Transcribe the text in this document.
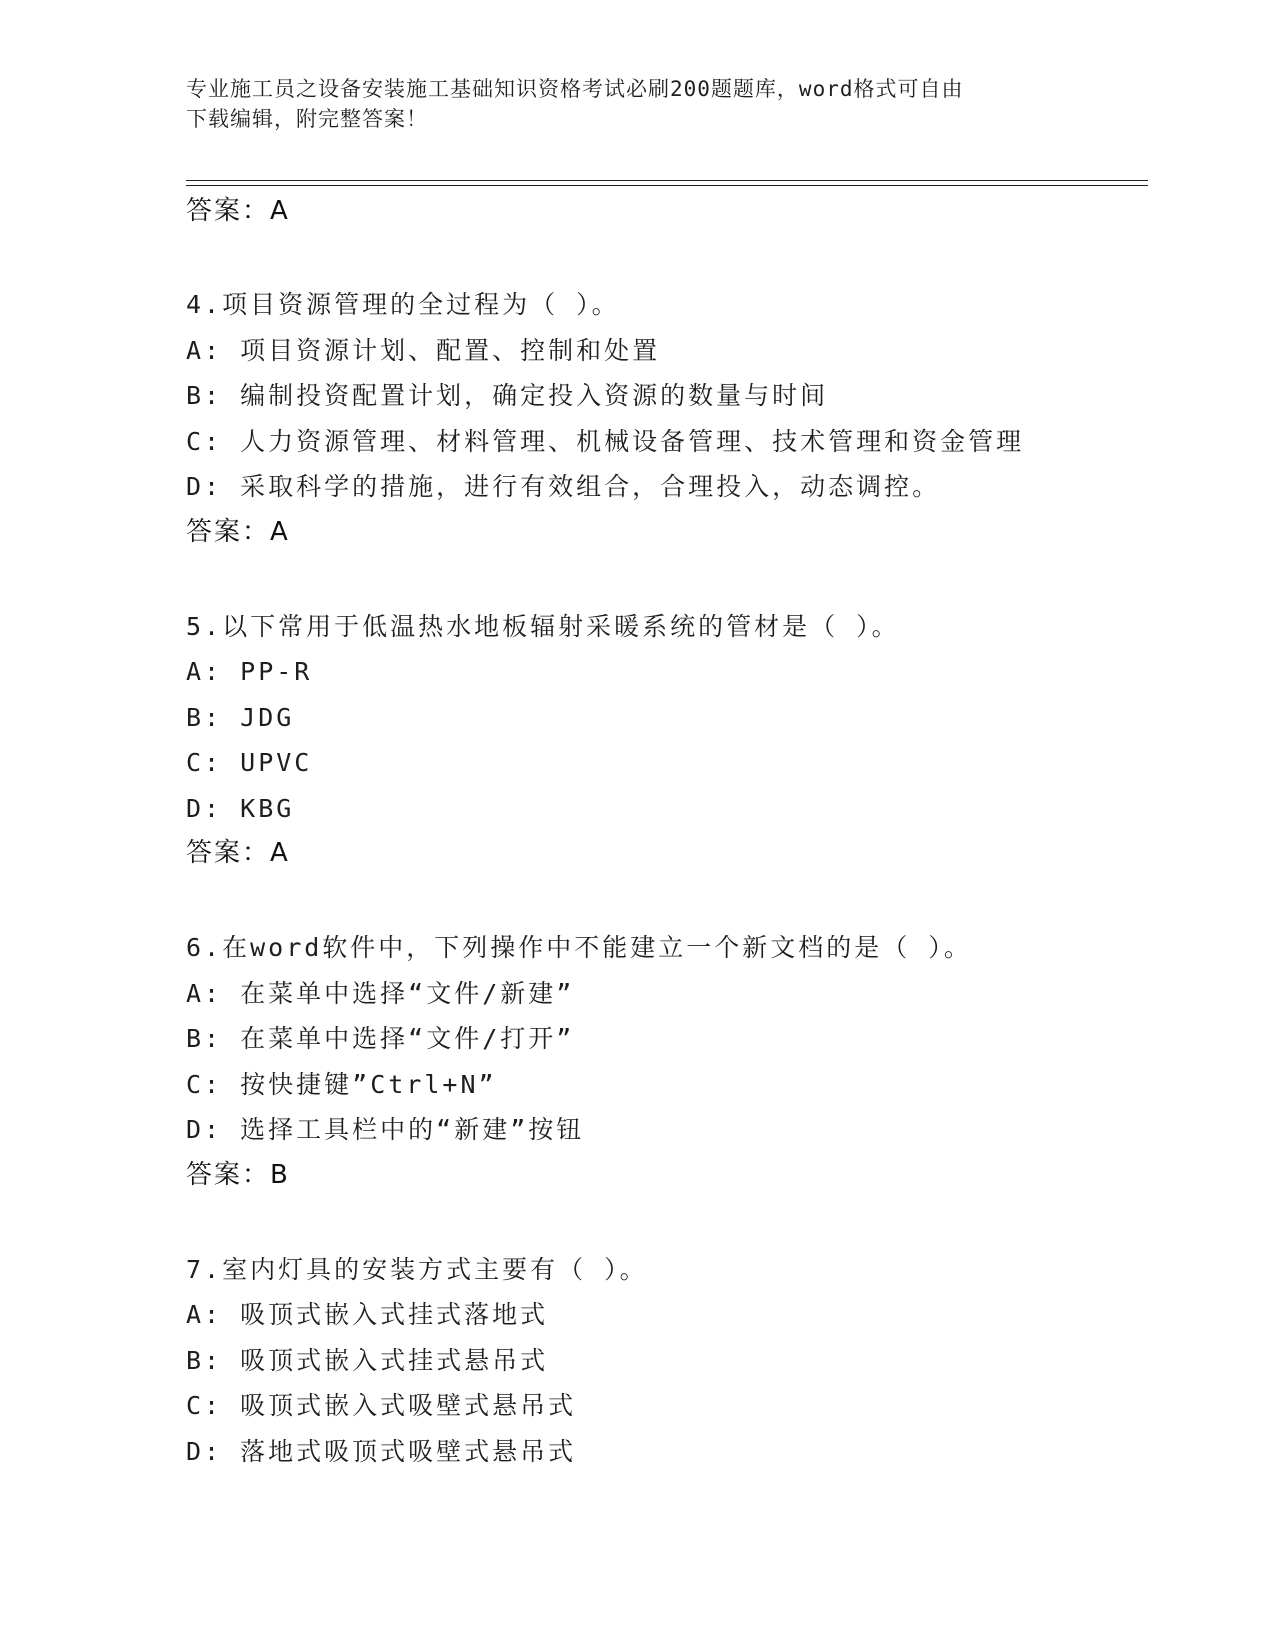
专业施工员之设备安装施工基础知识资格考试必刷200题题库，word格式可自由
下载编辑，附完整答案！
答案：A
4.项目资源管理的全过程为（ ）。
A: 项目资源计划、配置、控制和处置
B: 编制投资配置计划，确定投入资源的数量与时间
C: 人力资源管理、材料管理、机械设备管理、技术管理和资金管理
D: 采取科学的措施，进行有效组合，合理投入，动态调控。
答案：A
5.以下常用于低温热水地板辐射采暖系统的管材是（ ）。
A: PP-R
B: JDG
C: UPVC
D: KBG
答案：A
6.在word软件中，下列操作中不能建立一个新文档的是（ ）。
A: 在菜单中选择“文件/新建”
B: 在菜单中选择“文件/打开”
C: 按快捷键”Ctrl+N”
D: 选择工具栏中的“新建”按钮
答案：B
7.室内灯具的安装方式主要有（ ）。
A: 吸顶式嵌入式挂式落地式
B: 吸顶式嵌入式挂式悬吊式
C: 吸顶式嵌入式吸壁式悬吊式
D: 落地式吸顶式吸壁式悬吊式
